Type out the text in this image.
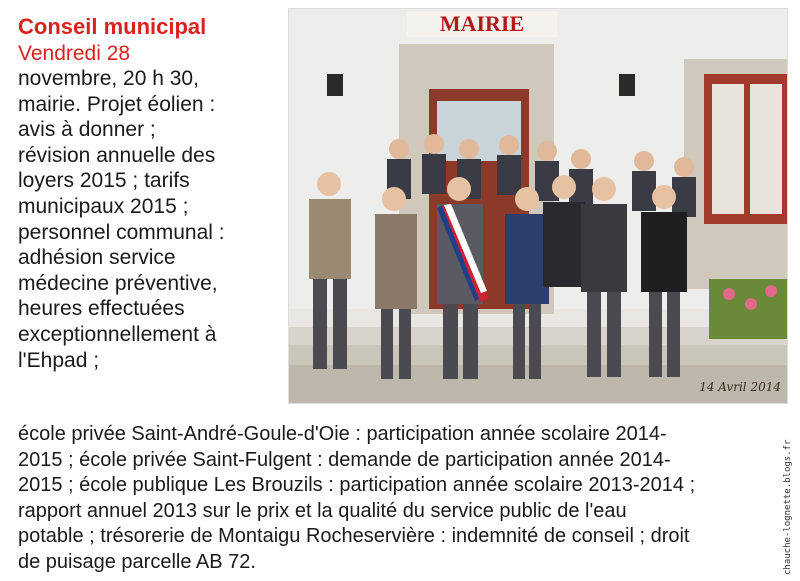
Conseil municipal
Vendredi 28
novembre, 20 h 30,
mairie. Projet éolien :
avis à donner ;
révision annuelle des
loyers 2015 ; tarifs
municipaux 2015 ;
personnel communal :
adhésion service
médecine préventive,
heures effectuées
exceptionnellement à
l'Ehpad ;
MAIRIE
14 Avril 2014
école privée Saint-André-Goule-d'Oie : participation année scolaire 2014-
2015 ; école privée Saint-Fulgent : demande de participation année 2014-
2015 ; école publique Les Brouzils : participation année scolaire 2013-2014 ;
rapport annuel 2013 sur le prix et la qualité du service public de l'eau
potable ; trésorerie de Montaigu Rocheservière : indemnité de conseil ; droit
de puisage parcelle AB 72.	chauche-lognette.blogs.fr
